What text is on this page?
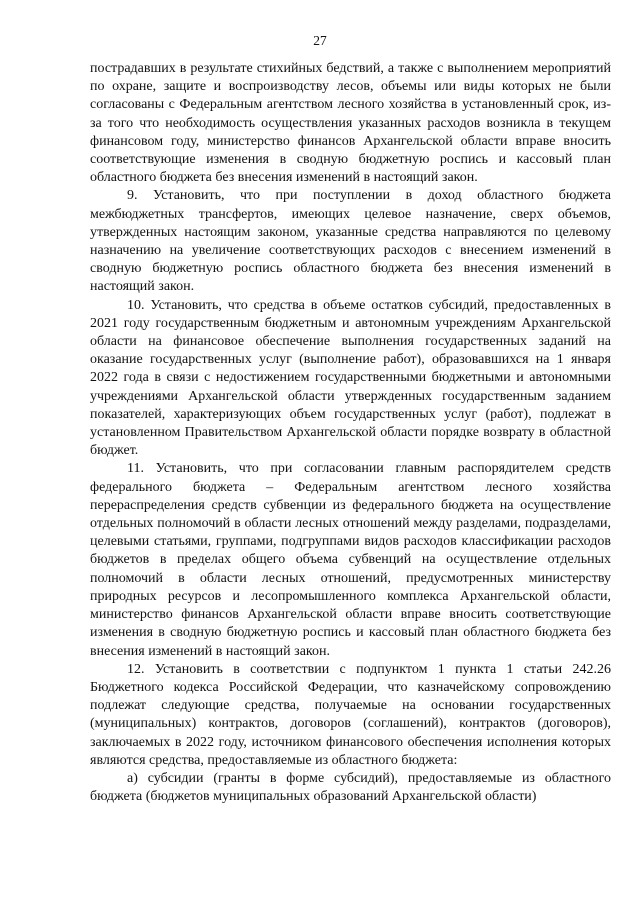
27

пострадавших в результате стихийных бедствий, а также с выполнением мероприятий по охране, защите и воспроизводству лесов, объемы или виды которых не были согласованы с Федеральным агентством лесного хозяйства в установленный срок, из-за того что необходимость осуществления указанных расходов возникла в текущем финансовом году, министерство финансов Архангельской области вправе вносить соответствующие изменения в сводную бюджетную роспись и кассовый план областного бюджета без внесения изменений в настоящий закон.

9. Установить, что при поступлении в доход областного бюджета межбюджетных трансфертов, имеющих целевое назначение, сверх объемов, утвержденных настоящим законом, указанные средства направляются по целевому назначению на увеличение соответствующих расходов с внесением изменений в сводную бюджетную роспись областного бюджета без внесения изменений в настоящий закон.

10. Установить, что средства в объеме остатков субсидий, предоставленных в 2021 году государственным бюджетным и автономным учреждениям Архангельской области на финансовое обеспечение выполнения государственных заданий на оказание государственных услуг (выполнение работ), образовавшихся на 1 января 2022 года в связи с недостижением государственными бюджетными и автономными учреждениями Архангельской области утвержденных государственным заданием показателей, характеризующих объем государственных услуг (работ), подлежат в установленном Правительством Архангельской области порядке возврату в областной бюджет.

11. Установить, что при согласовании главным распорядителем средств федерального бюджета – Федеральным агентством лесного хозяйства перераспределения средств субвенции из федерального бюджета на осуществление отдельных полномочий в области лесных отношений между разделами, подразделами, целевыми статьями, группами, подгруппами видов расходов классификации расходов бюджетов в пределах общего объема субвенций на осуществление отдельных полномочий в области лесных отношений, предусмотренных министерству природных ресурсов и лесопромышленного комплекса Архангельской области, министерство финансов Архангельской области вправе вносить соответствующие изменения в сводную бюджетную роспись и кассовый план областного бюджета без внесения изменений в настоящий закон.

12. Установить в соответствии с подпунктом 1 пункта 1 статьи 242.26 Бюджетного кодекса Российской Федерации, что казначейскому сопровождению подлежат следующие средства, получаемые на основании государственных (муниципальных) контрактов, договоров (соглашений), контрактов (договоров), заключаемых в 2022 году, источником финансового обеспечения исполнения которых являются средства, предоставляемые из областного бюджета:

а) субсидии (гранты в форме субсидий), предоставляемые из областного бюджета (бюджетов муниципальных образований Архангельской области)
